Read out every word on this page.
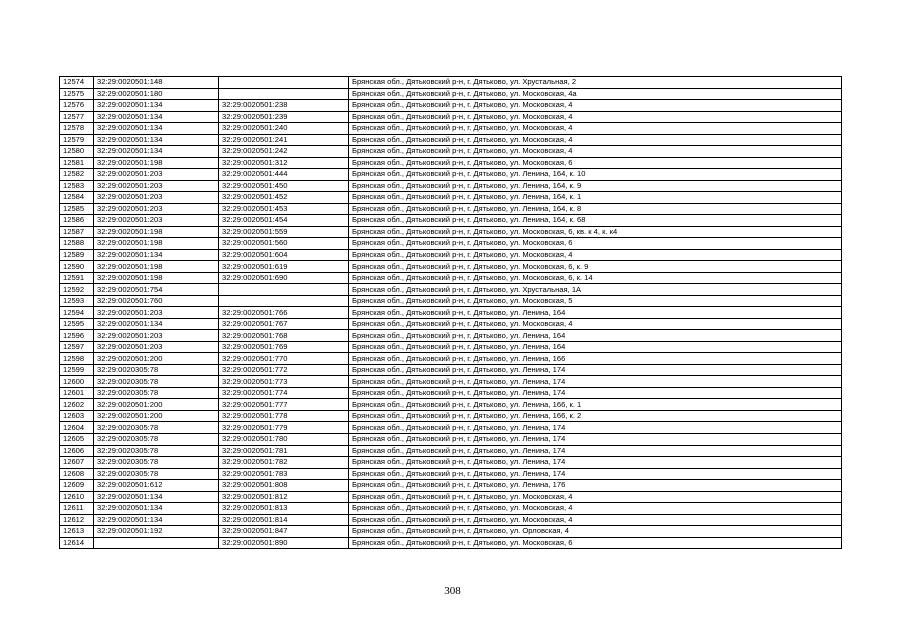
12574	32:29:0020501:148		Брянская обл., Дятьковский р-н, г. Дятьково, ул. Хрустальная, 2
12575	32:29:0020501:180		Брянская обл., Дятьковский р-н, г. Дятьково, ул. Московская, 4а
12576	32:29:0020501:134	32:29:0020501:238	Брянская обл., Дятьковский р-н, г. Дятьково, ул. Московская, 4
12577	32:29:0020501:134	32:29:0020501:239	Брянская обл., Дятьковский р-н, г. Дятьково, ул. Московская, 4
12578	32:29:0020501:134	32:29:0020501:240	Брянская обл., Дятьковский р-н, г. Дятьково, ул. Московская, 4
12579	32:29:0020501:134	32:29:0020501:241	Брянская обл., Дятьковский р-н, г. Дятьково, ул. Московская, 4
12580	32:29:0020501:134	32:29:0020501:242	Брянская обл., Дятьковский р-н, г. Дятьково, ул. Московская, 4
12581	32:29:0020501:198	32:29:0020501:312	Брянская обл., Дятьковский р-н, г. Дятьково, ул. Московская, 6
12582	32:29:0020501:203	32:29:0020501:444	Брянская обл., Дятьковский р-н, г. Дятьково, ул. Ленина, 164, к. 10
12583	32:29:0020501:203	32:29:0020501:450	Брянская обл., Дятьковский р-н, г. Дятьково, ул. Ленина, 164, к. 9
12584	32:29:0020501:203	32:29:0020501:452	Брянская обл., Дятьковский р-н, г. Дятьково, ул. Ленина, 164, к. 1
12585	32:29:0020501:203	32:29:0020501:453	Брянская обл., Дятьковский р-н, г. Дятьково, ул. Ленина, 164, к. 8
12586	32:29:0020501:203	32:29:0020501:454	Брянская обл., Дятьковский р-н, г. Дятьково, ул. Ленина, 164, к. 68
12587	32:29:0020501:198	32:29:0020501:559	Брянская обл., Дятьковский р-н, г. Дятьково, ул. Московская, 6, кв. к 4, к. к4
12588	32:29:0020501:198	32:29:0020501:560	Брянская обл., Дятьковский р-н, г. Дятьково, ул. Московская, 6
12589	32:29:0020501:134	32:29:0020501:604	Брянская обл., Дятьковский р-н, г. Дятьково, ул. Московская, 4
12590	32:29:0020501:198	32:29:0020501:619	Брянская обл., Дятьковский р-н, г. Дятьково, ул. Московская, 6, к. 9
12591	32:29:0020501:198	32:29:0020501:690	Брянская обл., Дятьковский р-н, г. Дятьково, ул. Московская, 6, к. 14
12592	32:29:0020501:754		Брянская обл., Дятьковский р-н, г. Дятьково, ул. Хрустальная, 1А
12593	32:29:0020501:760		Брянская обл., Дятьковский р-н, г. Дятьково, ул. Московская, 5
12594	32:29:0020501:203	32:29:0020501:766	Брянская обл., Дятьковский р-н, г. Дятьково, ул. Ленина, 164
12595	32:29:0020501:134	32:29:0020501:767	Брянская обл., Дятьковский р-н, г. Дятьково, ул. Московская, 4
12596	32:29:0020501:203	32:29:0020501:768	Брянская обл., Дятьковский р-н, г. Дятьково, ул. Ленина, 164
12597	32:29:0020501:203	32:29:0020501:769	Брянская обл., Дятьковский р-н, г. Дятьково, ул. Ленина, 164
12598	32:29:0020501:200	32:29:0020501:770	Брянская обл., Дятьковский р-н, г. Дятьково, ул. Ленина, 166
12599	32:29:0020305:78	32:29:0020501:772	Брянская обл., Дятьковский р-н, г. Дятьково, ул. Ленина, 174
12600	32:29:0020305:78	32:29:0020501:773	Брянская обл., Дятьковский р-н, г. Дятьково, ул. Ленина, 174
12601	32:29:0020305:78	32:29:0020501:774	Брянская обл., Дятьковский р-н, г. Дятьково, ул. Ленина, 174
12602	32:29:0020501:200	32:29:0020501:777	Брянская обл., Дятьковский р-н, г. Дятьково, ул. Ленина, 166, к. 1
12603	32:29:0020501:200	32:29:0020501:778	Брянская обл., Дятьковский р-н, г. Дятьково, ул. Ленина, 166, к. 2
12604	32:29:0020305:78	32:29:0020501:779	Брянская обл., Дятьковский р-н, г. Дятьково, ул. Ленина, 174
12605	32:29:0020305:78	32:29:0020501:780	Брянская обл., Дятьковский р-н, г. Дятьково, ул. Ленина, 174
12606	32:29:0020305:78	32:29:0020501:781	Брянская обл., Дятьковский р-н, г. Дятьково, ул. Ленина, 174
12607	32:29:0020305:78	32:29:0020501:782	Брянская обл., Дятьковский р-н, г. Дятьково, ул. Ленина, 174
12608	32:29:0020305:78	32:29:0020501:783	Брянская обл., Дятьковский р-н, г. Дятьково, ул. Ленина, 174
12609	32:29:0020501:612	32:29:0020501:808	Брянская обл., Дятьковский р-н, г. Дятьково, ул. Ленина, 176
12610	32:29:0020501:134	32:29:0020501:812	Брянская обл., Дятьковский р-н, г. Дятьково, ул. Московская, 4
12611	32:29:0020501:134	32:29:0020501:813	Брянская обл., Дятьковский р-н, г. Дятьково, ул. Московская, 4
12612	32:29:0020501:134	32:29:0020501:814	Брянская обл., Дятьковский р-н, г. Дятьково, ул. Московская, 4
12613	32:29:0020501:192	32:29:0020501:847	Брянская обл., Дятьковский р-н, г. Дятьково, ул. Орловская, 4
12614		32:29:0020501:890	Брянская обл., Дятьковский р-н, г. Дятьково, ул. Московская, 6
308
